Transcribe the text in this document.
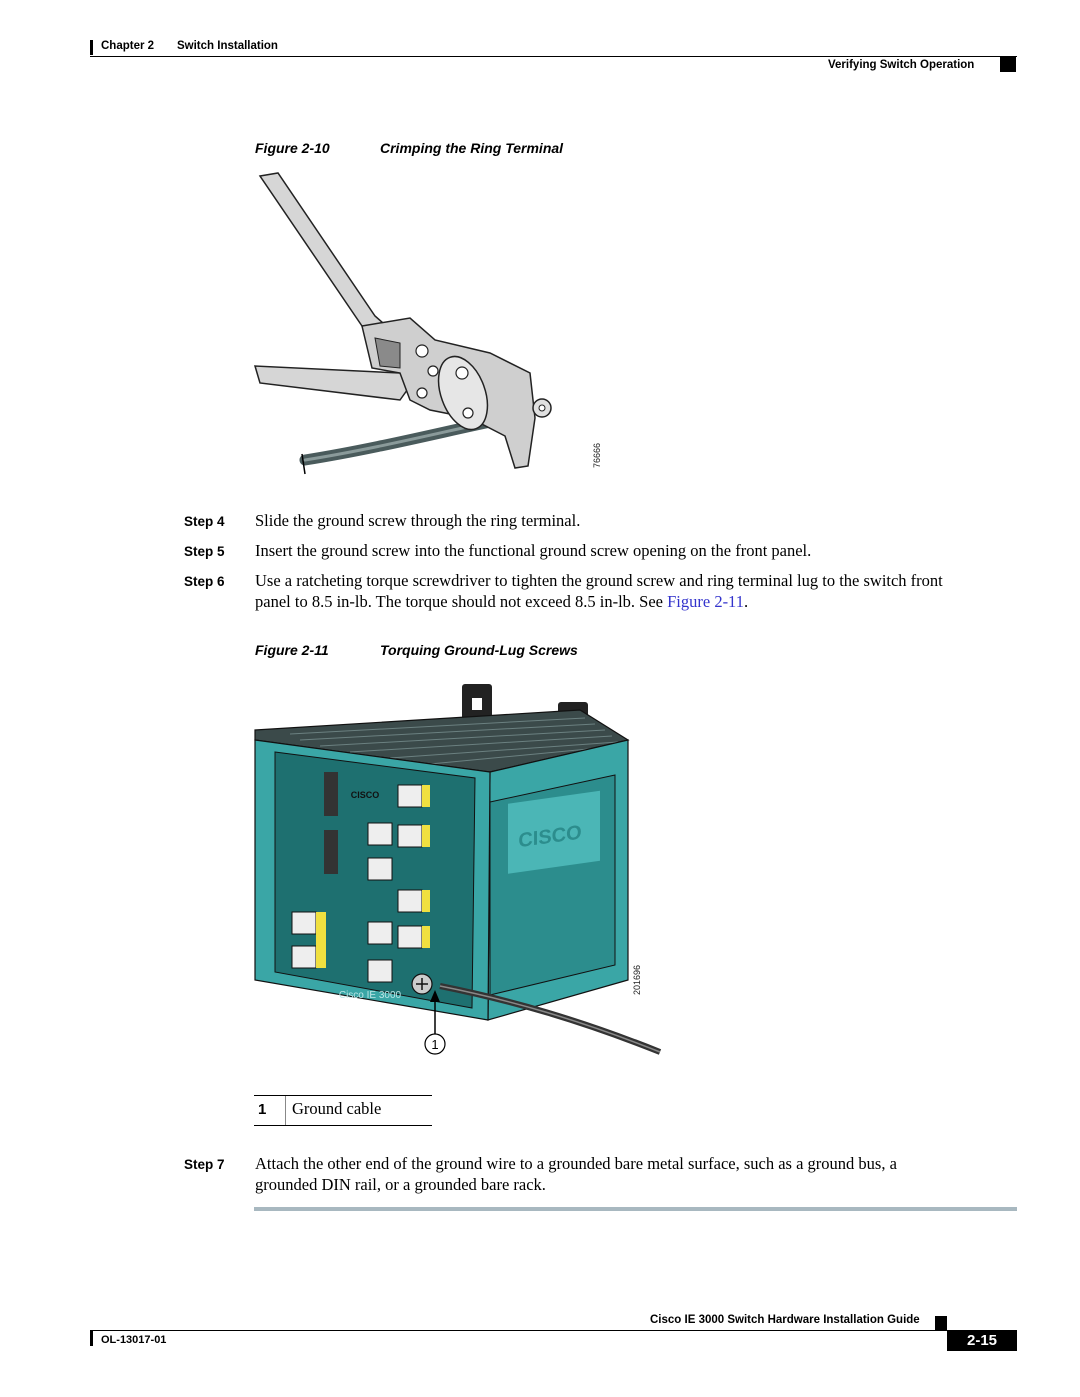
Chapter 2 Switch Installation
Verifying Switch Operation
Figure 2-10	Crimping the Ring Terminal
76666
Step 4 Slide the ground screw through the ring terminal.
Step 5 Insert the ground screw into the functional ground screw opening on the front panel.
Step 6 Use a ratcheting torque screwdriver to tighten the ground screw and ring terminal lug to the switch front
panel to 8.5 in-lb. The torque should not exceed 8.5 in-lb. See Figure 2-11.
Figure 2-11	Torquing Ground-Lug Screws
CISCO
CISCO
Cisco IE 3000
1
201696
1 Ground cable
Step 7 Attach the other end of the ground wire to a grounded bare metal surface, such as a ground bus, a
grounded DIN rail, or a grounded bare rack.
Cisco IE 3000 Switch Hardware Installation Guide
OL-13017-01	2-15
